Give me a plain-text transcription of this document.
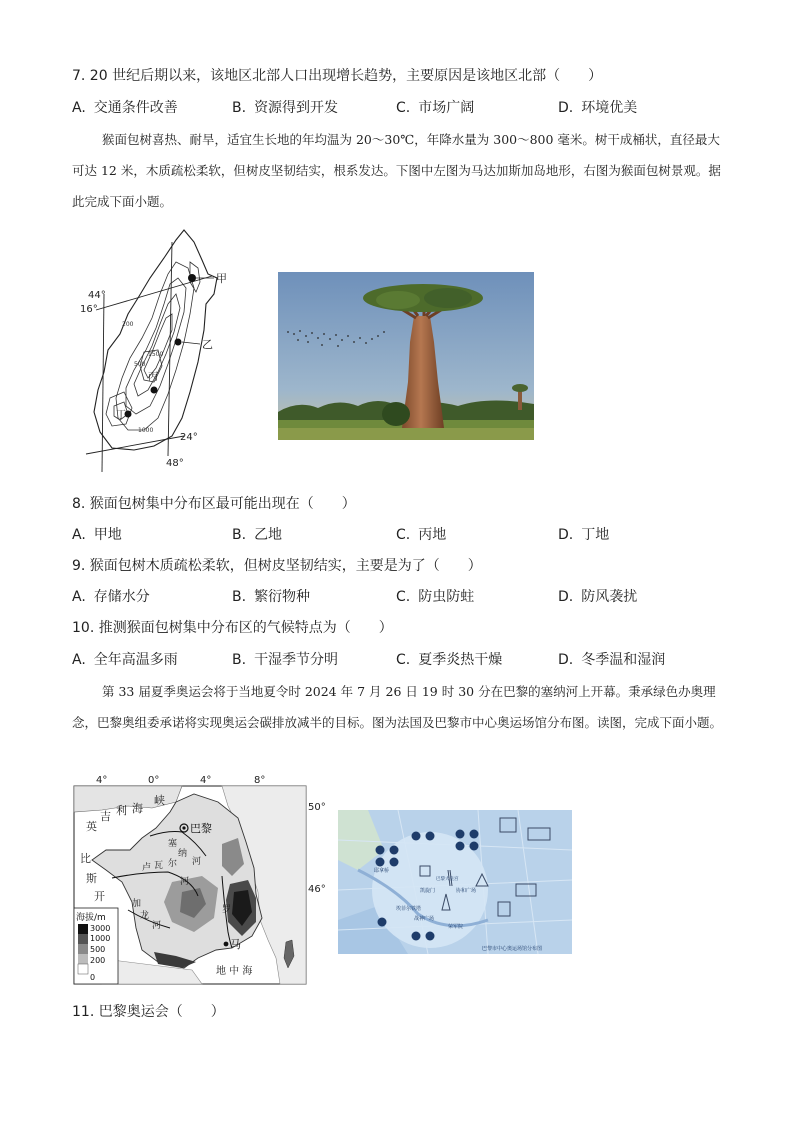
7. 20 世纪后期以来，该地区北部人口出现增长趋势，主要原因是该地区北部（　　）
A. 交通条件改善	B. 资源得到开发	C. 市场广阔	D. 环境优美
猴面包树喜热、耐旱，适宜生长地的年均温为 20～30℃，年降水量为 300～800 毫米。树干成桶状，直径最大可达 12 米，木质疏松柔软，但树皮坚韧结实，根系发达。下图中左图为马达加斯加岛地形，右图为猴面包树景观。据此完成下面小题。
44°
16°
24°
48°
200
1500
500
1000
甲
乙
丙
丁
8. 猴面包树集中分布区最可能出现在（　　）
A. 甲地	B. 乙地	C. 丙地	D. 丁地
9. 猴面包树木质疏松柔软，但树皮坚韧结实，主要是为了（　　）
A. 存储水分	B. 繁衍物种	C. 防虫防蛀	D. 防风袭扰
10. 推测猴面包树集中分布区的气候特点为（　　）
A. 全年高温多雨	B. 干湿季节分明	C. 夏季炎热干燥	D. 冬季温和湿润
第 33 届夏季奥运会将于当地夏令时 2024 年 7 月 26 日 19 时 30 分在巴黎的塞纳河上开幕。秉承绿色办奥理念，巴黎奥组委承诺将实现奥运会碳排放减半的目标。图为法国及巴黎市中心奥运场馆分布图。读图，完成下面小题。
4°	0°	4°	8°
50°
46°
巴黎
马
英
吉 利 海
峡
比
斯
开
塞
纳
河
卢 瓦 尔
河
加
龙
河
罗
地 中 海
海拔/m
3000
1000
500
200
0
凯旋门	协和广场
巴黎大皇宫
荣军院
战神广场
埃菲尔铁塔
耶拿桥
巴黎市中心奥运场馆分布图
11. 巴黎奥运会（　　）
